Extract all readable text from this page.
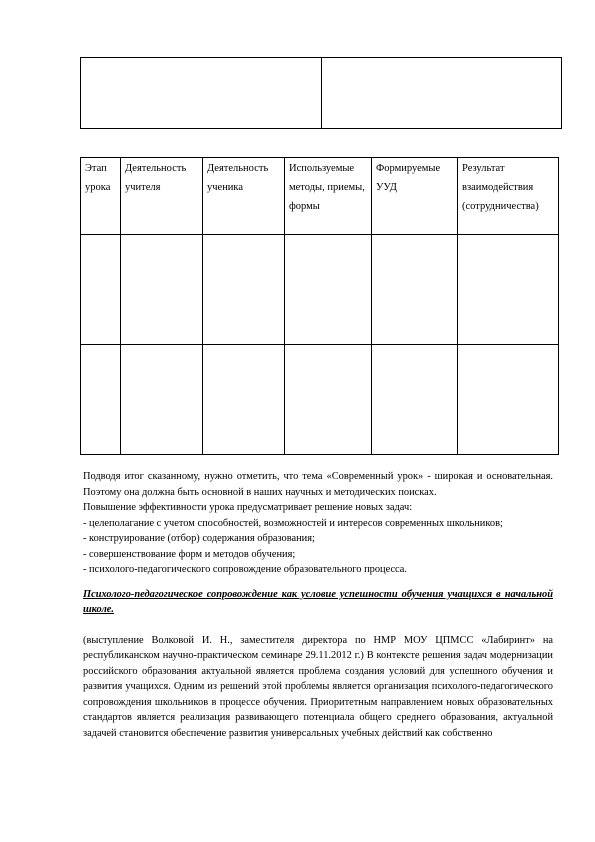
Этап урока	Деятельность учителя	Деятельность ученика	Используемые методы, приемы, формы	Формируемые УУД	Результат взаимодействия (сотрудничества)

Подводя итог сказанному, нужно отметить, что тема «Современный урок» - широкая и основательная. Поэтому она должна быть основной в наших научных и методических поисках.

Повышение эффективности урока предусматривает решение новых задач:

- целеполагание с учетом способностей, возможностей и интересов современных школьников;

- конструирование (отбор) содержания образования;

- совершенствование форм и методов обучения;

- психолого-педагогического сопровождение образовательного процесса.

Психолого-педагогическое сопровождение как условие успешности обучения учащихся в начальной школе.

(выступление Волковой И. Н., заместителя директора по НМР МОУ ЦПМСС «Лабиринт» на республиканском научно-практическом семинаре 29.11.2012 г.) В контексте решения задач модернизации российского образования актуальной является проблема создания условий для успешного обучения и развития учащихся. Одним из решений этой проблемы является организация психолого-педагогического сопровождения школьников в процессе обучения. Приоритетным направлением новых образовательных стандартов является реализация развивающего потенциала общего среднего образования, актуальной задачей становится обеспечение развития универсальных учебных действий как собственно
